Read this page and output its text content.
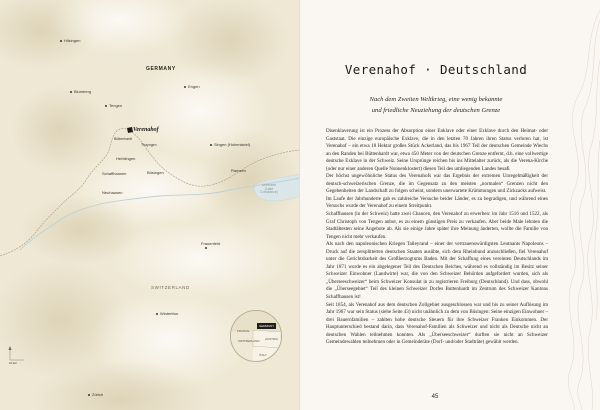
Hilzingen
GERMANY
Blumberg
Engen
Tengen
Verenahof
Büttenhardt
Thayngen	Singen (Hohentwiel)
Herblingen
Schaffhausen	Büsingen	Ramsen
Neuhausen
Untersee (Lake Constance)
Frauenfeld
SWITZERLAND
Winterthur
Zürich
10 km
GERMANY
FRANCE
SWITZERLAND AUSTRIA
ITALY
Verenahof · Deutschland
Nach dem Zweiten Weltkrieg, eine wenig bekannte
und friedliche Neuziehung der deutschen Grenze

Disenklaverung ist ein Prozess der Absorption einer Enklave oder einer Exklave durch den Heimat- oder Gaststaat. Die einzige europäische Exklave, die in den letzten 70 Jahren ihren Status verloren hat, ist Verenahof – ein etwa 18 Hektar großes Stück Ackerland, das bis 1967 Teil der deutschen Gemeinde Wiechs an den Randen bei Büttenhardt war, etwa 450 Meter von der deutschen Grenze entfernt, d.h. eine vollwertige deutsche Exklave in der Schweiz. Seine Ursprünge reichen bis ins Mittelalter zurück, als die Verena-Kirche (oder nur einer anderen Quelle Nonnenklostert) diesen Teil des umliegenden Landes besaß.

Der höchst ungewöhnliche Status des Verenahofs war das Ergebnis der extremen Unregelmäßigkeit der deutsch-schweizerischen Grenze, die im Gegensatz zu den meisten „normalen“ Grenzen nicht den Gegebenheiten der Landschaft zu folgen scheint, sondern unerwartete Krümmungen und Zickzacks aufweist.

Im Laufe der Jahrhunderte gab es zahlreiche Versuche beider Länder, es zu begradigen, und während eines Versuchs wurde der Verenahof zu einem Streitpunkt.

Schaffhausen (in der Schweiz) hatte zwei Chancen, den Verenahof zu erwerben: im Jahr 1516 und 1522, als Graf Christoph von Tengen anbot, es zu einem günstigen Preis zu verkaufen. Aber beide Male lehnten die Stadtältesten seine Angebote ab. Als sie einige Jahre später ihre Meinung änderten, wollte die Familie von Tengen nicht mehr verkaufen.

Als nach den napoleonischen Kriegen Talleyrand – einer der vertrauenswürdigsten Leutnants Napoleons – Druck auf die zersplitterten deutschen Staaten ausübte, sich dem Rheinbund anzuschließen, fiel Verenahof unter die Gerichtsbarkeit des Großherzogtums Baden. Mit der Schaffung eines vereinten Deutschlands im Jahr 1871 wurde es ein abgelegener Teil des Deutschen Reiches, während es vollständig im Besitz seiner Schweizer Einwohner (Landwirte) war, die von den Schweizer Behörden aufgefordert wurden, sich als „Überseeschweizer“ beim Schweizer Konsulat in zu registrieren Freiburg (Deutschland). Und dass, obwohl die „Überseegebiet“ Teil des kleinen Schweizer Dorfes Buttenhardt im Zentrum des Schweizer Kantons Schaffhausen ist!

Seit 1854, als Verenahof aus dem deutschen Zollgebiet ausgeschlossen war und bis zu seiner Auflösung im Jahr 1967 war sein Status (siehe Seite 43) nicht unähnlich zu dem von Büsingen: Seine einzigen Einwohner – drei Bauernfamilien – zahlten hohe deutsche Steuern für ihre Schweizer Franken Einkommen. Der Hauptunterschied bestand darin, dass Verenahof-Familien als Schweizer und nicht als Deutsche nicht an deutschen Wahlen teilnehmen konnten. Als „Überseeschweizer“ durften sie nicht an Schweizer Gemeindewahlen teilnehmen oder in Gemeinderäte (Dorf- und/oder Stadträte) gewählt werden.

45
